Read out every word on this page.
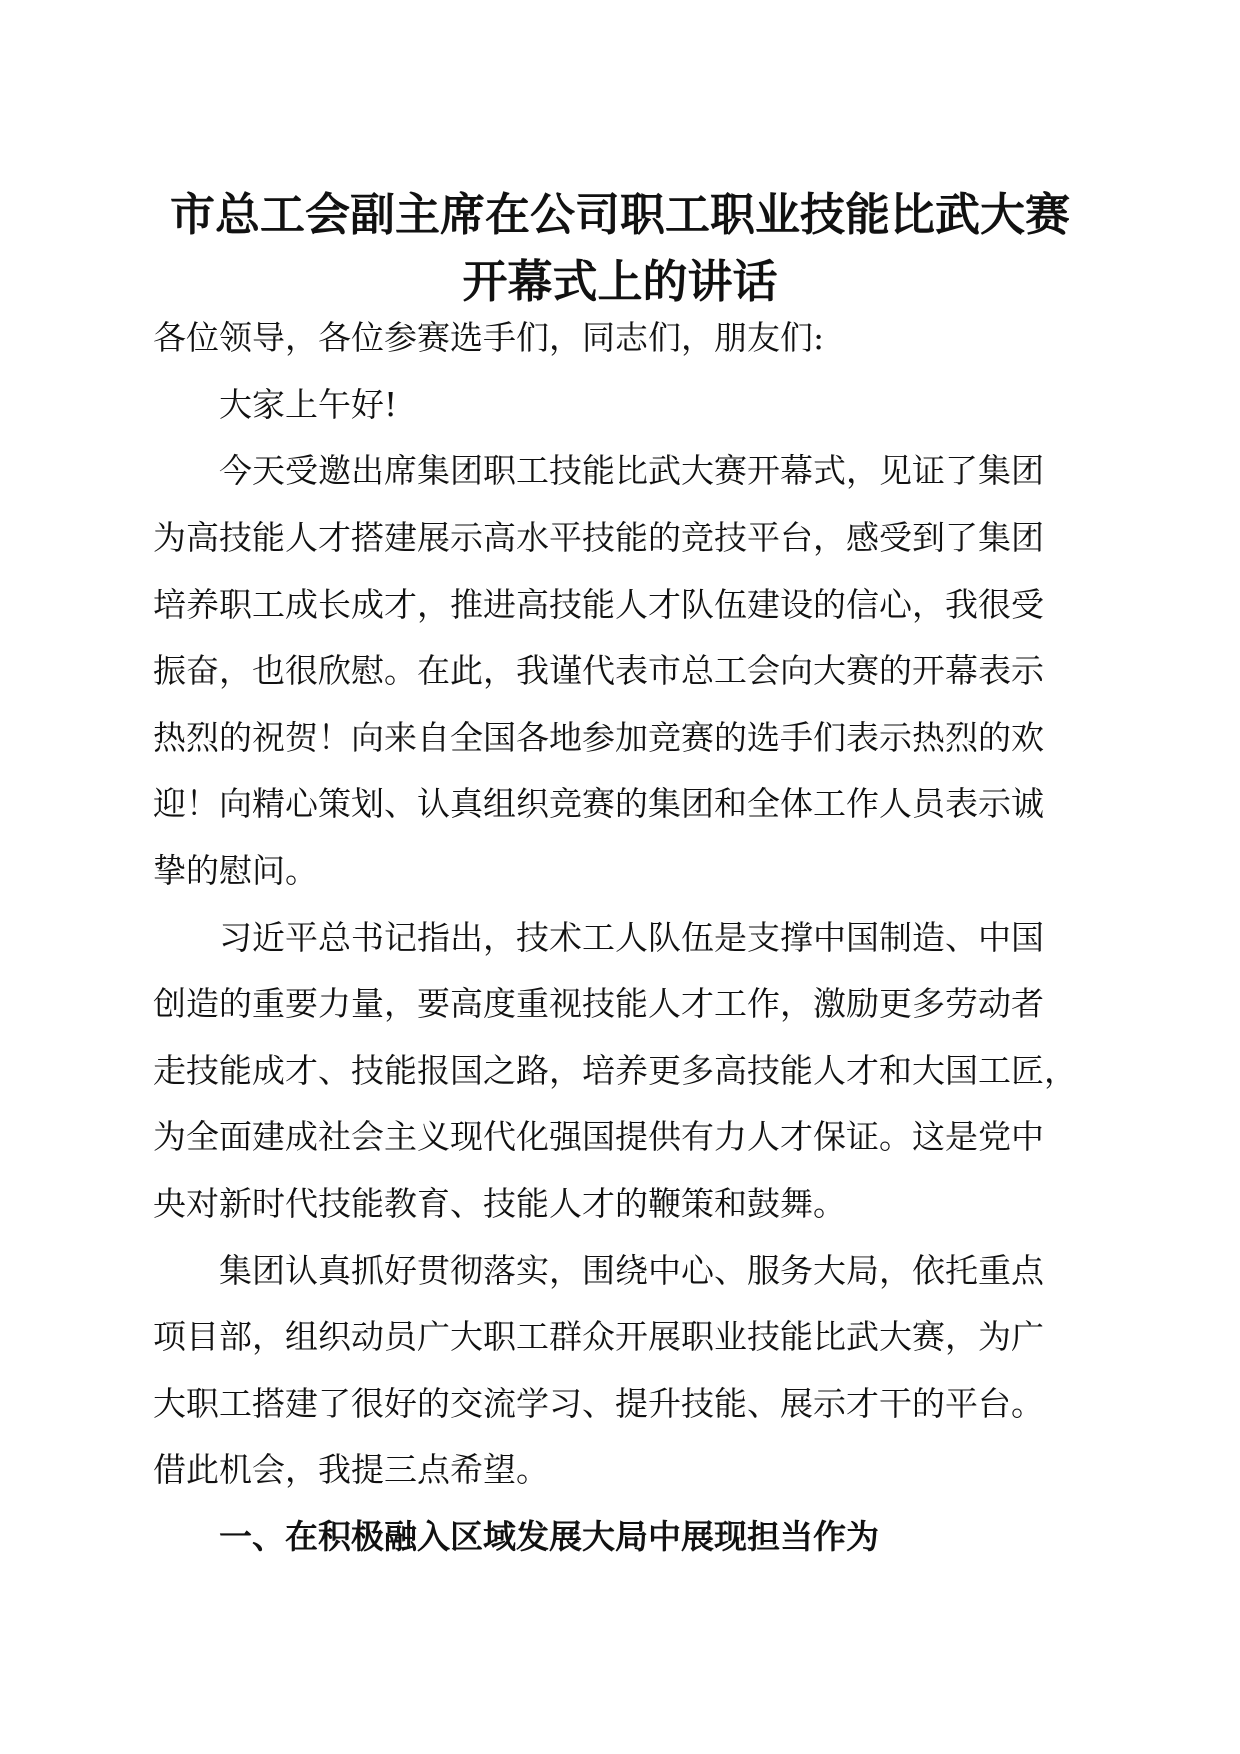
市总工会副主席在公司职工职业技能比武大赛
开幕式上的讲话

各位领导，各位参赛选手们，同志们，朋友们:

大家上午好!

今天受邀出席集团职工技能比武大赛开幕式，见证了集团

为高技能人才搭建展示高水平技能的竞技平台，感受到了集团

培养职工成长成才，推进高技能人才队伍建设的信心，我很受

振奋，也很欣慰。在此，我谨代表市总工会向大赛的开幕表示

热烈的祝贺！向来自全国各地参加竞赛的选手们表示热烈的欢

迎！向精心策划、认真组织竞赛的集团和全体工作人员表示诚

挚的慰问。

习近平总书记指出，技术工人队伍是支撑中国制造、中国

创造的重要力量，要高度重视技能人才工作，激励更多劳动者

走技能成才、技能报国之路，培养更多高技能人才和大国工匠，

为全面建成社会主义现代化强国提供有力人才保证。这是党中

央对新时代技能教育、技能人才的鞭策和鼓舞。

集团认真抓好贯彻落实，围绕中心、服务大局，依托重点

项目部，组织动员广大职工群众开展职业技能比武大赛，为广

大职工搭建了很好的交流学习、提升技能、展示才干的平台。

借此机会，我提三点希望。

一、在积极融入区域发展大局中展现担当作为
